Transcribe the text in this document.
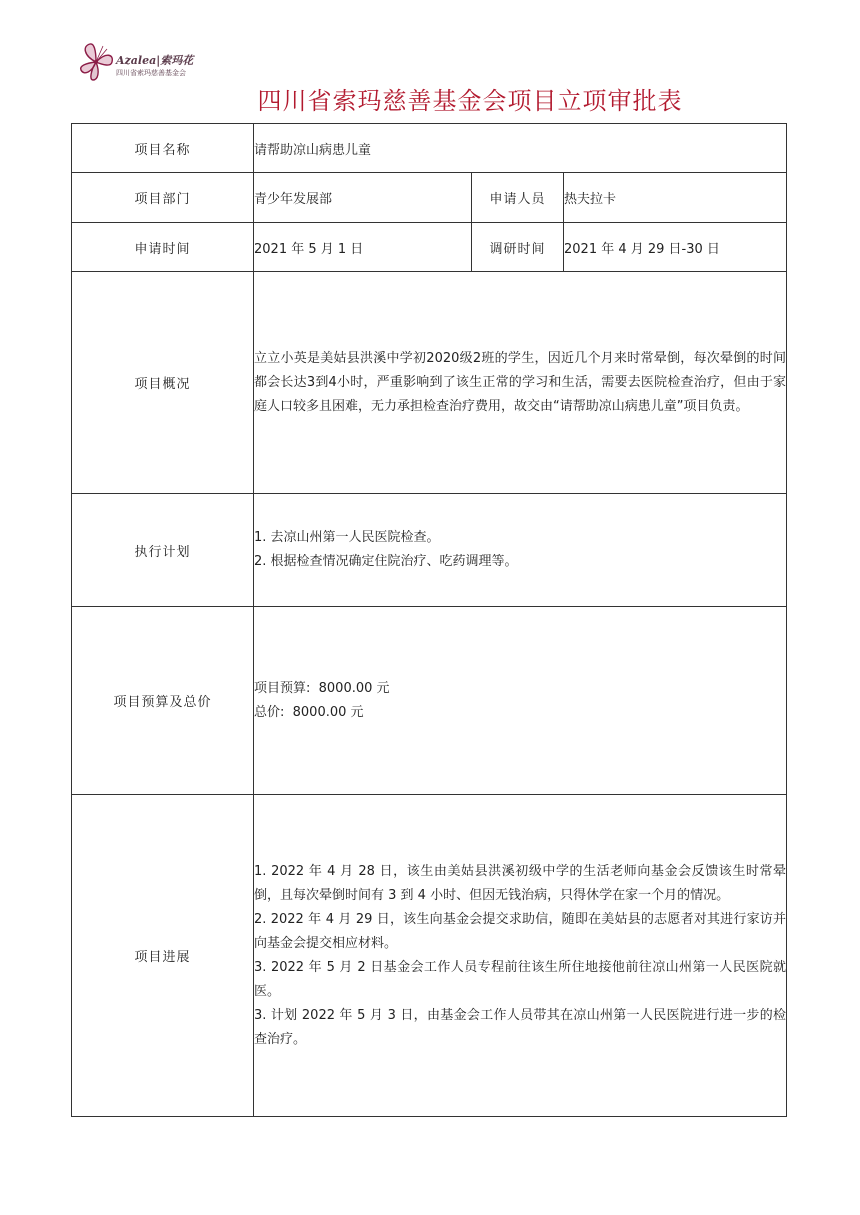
Azalea|索玛花
四川省索玛慈善基金会
四川省索玛慈善基金会项目立项审批表
项目名称	请帮助凉山病患儿童		
项目部门	青少年发展部	申请人员	热夫拉卡
申请时间	2021 年 5 月 1 日	调研时间	2021 年 4 月 29 日-30 日
项目概况	立立小英是美姑县洪溪中学初2020级2班的学生，因近几个月来时常晕倒，每次晕倒的时间都会长达3到4小时，严重影响到了该生正常的学习和生活，需要去医院检查治疗，但由于家庭人口较多且困难，无力承担检查治疗费用，故交由“请帮助凉山病患儿童”项目负责。		
执行计划	1. 去凉山州第一人民医院检查。
2. 根据检查情况确定住院治疗、吃药调理等。		

项目预算及总价	项目预算:  8000.00 元
总价:  8000.00 元		

项目进展	1. 2022 年 4 月 28 日，该生由美姑县洪溪初级中学的生活老师向基金会反馈该生时常晕倒，且每次晕倒时间有 3 到 4 小时、但因无钱治病，只得休学在家一个月的情况。
2. 2022 年 4 月 29 日，该生向基金会提交求助信，随即在美姑县的志愿者对其进行家访并向基金会提交相应材料。
3. 2022 年 5 月 2 日基金会工作人员专程前往该生所住地接他前往凉山州第一人民医院就医。
3. 计划 2022 年 5 月 3 日，由基金会工作人员带其在凉山州第一人民医院进行进一步的检查治疗。		
